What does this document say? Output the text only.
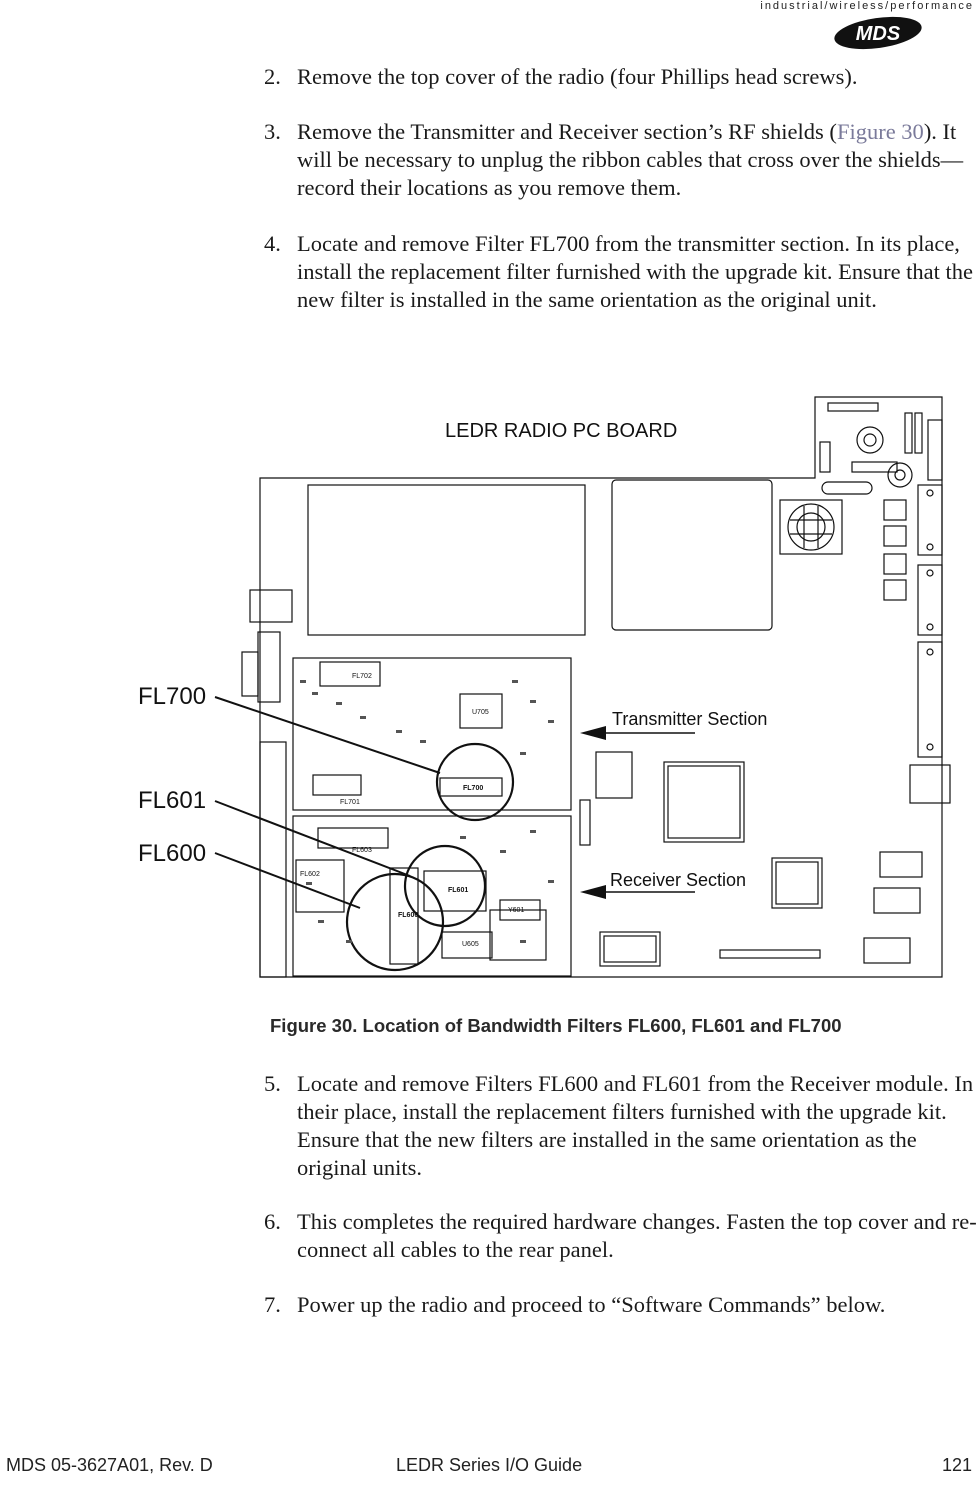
industrial/wireless/performance
MDS
2. Remove the top cover of the radio (four Phillips head screws).
3. Remove the Transmitter and Receiver section’s RF shields (Figure 30). It will be necessary to unplug the ribbon cables that cross over the shields—record their locations as you remove them.
4. Locate and remove Filter FL700 from the transmitter section. In its place, install the replacement filter furnished with the upgrade kit. Ensure that the new filter is installed in the same orientation as the original unit.
FL702
FL701
U705
FL700
FL602
FL603
FL601
FL600
U605
Y601
LEDR RADIO PC BOARD
FL700
FL601
FL600
Transmitter Section
Receiver Section
Figure 30. Location of Bandwidth Filters FL600, FL601 and FL700
5. Locate and remove Filters FL600 and FL601 from the Receiver module. In their place, install the replacement filters furnished with the upgrade kit. Ensure that the new filters are installed in the same orientation as the original units.
6. This completes the required hardware changes. Fasten the top cover and re-connect all cables to the rear panel.
7. Power up the radio and proceed to “Software Commands” below.
MDS 05-3627A01, Rev. D	LEDR Series I/O Guide	121
